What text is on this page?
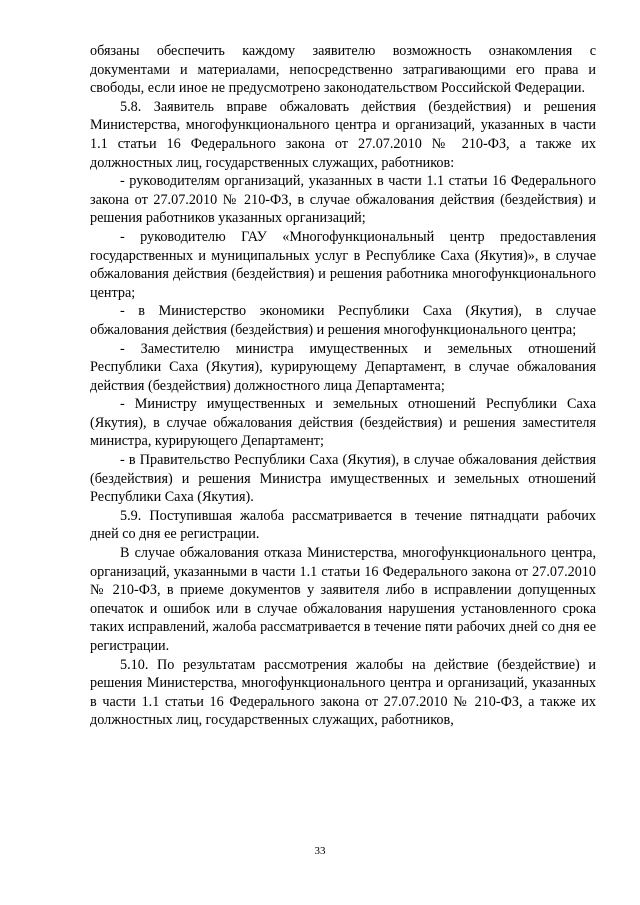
обязаны обеспечить каждому заявителю возможность ознакомления с документами и материалами, непосредственно затрагивающими его права и свободы, если иное не предусмотрено законодательством Российской Федерации.

5.8. Заявитель вправе обжаловать действия (бездействия) и решения Министерства, многофункционального центра и организаций, указанных в части 1.1 статьи 16 Федерального закона от 27.07.2010 № 210-ФЗ, а также их должностных лиц, государственных служащих, работников:

- руководителям организаций, указанных в части 1.1 статьи 16 Федерального закона от 27.07.2010 № 210-ФЗ, в случае обжалования действия (бездействия) и решения работников указанных организаций;

- руководителю ГАУ «Многофункциональный центр предоставления государственных и муниципальных услуг в Республике Саха (Якутия)», в случае обжалования действия (бездействия) и решения работника многофункционального центра;

- в Министерство экономики Республики Саха (Якутия), в случае обжалования действия (бездействия) и решения многофункционального центра;

- Заместителю министра имущественных и земельных отношений Республики Саха (Якутия), курирующему Департамент, в случае обжалования действия (бездействия) должностного лица Департамента;

- Министру имущественных и земельных отношений Республики Саха (Якутия), в случае обжалования действия (бездействия) и решения заместителя министра, курирующего Департамент;

- в Правительство Республики Саха (Якутия), в случае обжалования действия (бездействия) и решения Министра имущественных и земельных отношений Республики Саха (Якутия).

5.9. Поступившая жалоба рассматривается в течение пятнадцати рабочих дней со дня ее регистрации.

В случае обжалования отказа Министерства, многофункционального центра, организаций, указанными в части 1.1 статьи 16 Федерального закона от 27.07.2010 № 210-ФЗ, в приеме документов у заявителя либо в исправлении допущенных опечаток и ошибок или в случае обжалования нарушения установленного срока таких исправлений, жалоба рассматривается в течение пяти рабочих дней со дня ее регистрации.

5.10. По результатам рассмотрения жалобы на действие (бездействие) и решения Министерства, многофункционального центра и организаций, указанных в части 1.1 статьи 16 Федерального закона от 27.07.2010 № 210-ФЗ, а также их должностных лиц, государственных служащих, работников,

33
